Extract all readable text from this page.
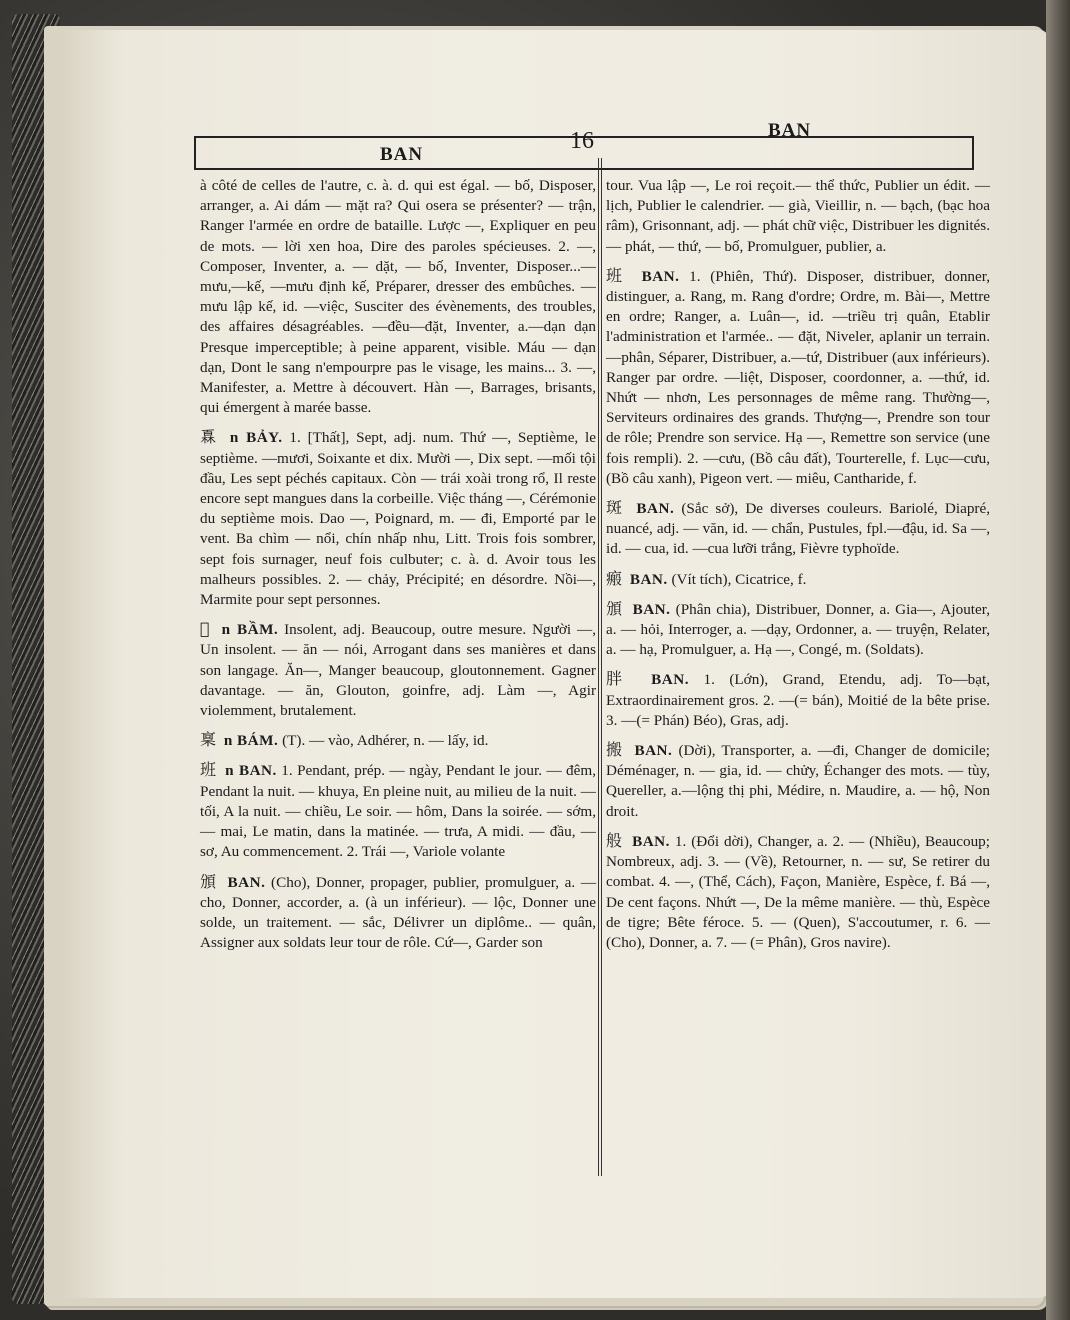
BAN
16	BAN

à côté de celles de l'autre, c. à. d. qui est égal. — bố, Disposer, arranger, a. Ai dám — mặt ra? Qui osera se présenter? — trận, Ranger l'armée en ordre de bataille. Lược —, Expliquer en peu de mots. — lời xen hoa, Dire des paroles spécieuses. 2. —, Composer, Inventer, a. — dặt, — bố, Inventer, Disposer...—mưu,—kế, —mưu định kế, Préparer, dresser des embûches. —mưu lập kế, id. —việc, Susciter des évènements, des troubles, des affaires désagréables. —đều—đặt, Inventer, a.—dạn dạn Presque imperceptible; à peine apparent, visible. Máu — dạn dạn, Dont le sang n'empourpre pas le visage, les mains... 3. —, Manifester, a. Mettre à découvert. Hàn —, Barrages, brisants, qui émergent à marée basse.

𤾓 n BẢY. 1. [Thất], Sept, adj. num. Thứ —, Septième, le septième. —mươi, Soixante et dix. Mười —, Dix sept. —mối tội đầu, Les sept péchés capitaux. Còn — trái xoài trong rổ, Il reste encore sept mangues dans la corbeille. Việc tháng —, Cérémonie du septième mois. Dao —, Poignard, m. — đi, Emporté par le vent. Ba chìm — nổi, chín nhấp nhu, Litt. Trois fois sombrer, sept fois surnager, neuf fois culbuter; c. à. d. Avoir tous les malheurs possibles. 2. — chảy, Précipité; en désordre. Nồi—, Marmite pour sept personnes.

𠴍 n BẦM. Insolent, adj. Beaucoup, outre mesure. Người —, Un insolent. — ăn — nói, Arrogant dans ses manières et dans son langage. Ăn—, Manger beaucoup, gloutonnement. Gagner davantage. — ăn, Glouton, goinfre, adj. Làm —, Agir violemment, brutalement.

稟 n BÁM. (T). — vào, Adhérer, n. — lấy, id.

班 n BAN. 1. Pendant, prép. — ngày, Pendant le jour. — đêm, Pendant la nuit. — khuya, En pleine nuit, au milieu de la nuit. — tối, A la nuit. — chiều, Le soir. — hôm, Dans la soirée. — sớm, — mai, Le matin, dans la matinée. — trưa, A midi. — đầu, — sơ, Au commencement. 2. Trái —, Variole volante

頒 BAN. (Cho), Donner, propager, publier, promulguer, a. — cho, Donner, accorder, a. (à un inférieur). — lộc, Donner une solde, un traitement. — sắc, Délivrer un diplôme.. — quân, Assigner aux soldats leur tour de rôle. Cứ—, Garder son

tour. Vua lập —, Le roi reçoit.— thể thức, Publier un édit. —lịch, Publier le calendrier. — già, Vieillir, n. — bạch, (bạc hoa râm), Grisonnant, adj. — phát chữ việc, Distribuer les dignités. — phát, — thứ, — bố, Promulguer, publier, a.

班 BAN. 1. (Phiên, Thứ). Disposer, distribuer, donner, distinguer, a. Rang, m. Rang d'ordre; Ordre, m. Bài—, Mettre en ordre; Ranger, a. Luân—, id. —triều trị quân, Etablir l'administration et l'armée.. — đặt, Niveler, aplanir un terrain. —phân, Séparer, Distribuer, a.—tứ, Distribuer (aux inférieurs). Ranger par ordre. —liệt, Disposer, coordonner, a. —thứ, id. Nhứt — nhơn, Les personnages de même rang. Thường—, Serviteurs ordinaires des grands. Thượng—, Prendre son tour de rôle; Prendre son service. Hạ —, Remettre son service (une fois rempli). 2. —cưu, (Bồ câu đất), Tourterelle, f. Lục—cưu, (Bồ câu xanh), Pigeon vert. — miêu, Cantharide, f.

斑 BAN. (Sắc sở), De diverses couleurs. Bariolé, Diapré, nuancé, adj. — văn, id. — chẩn, Pustules, fpl.—đậu, id. Sa —, id. — cua, id. —cua lưỡi trắng, Fièvre typhoïde.

瘢 BAN. (Vít tích), Cicatrice, f.

頒 BAN. (Phân chia), Distribuer, Donner, a. Gia—, Ajouter, a. — hỏi, Interroger, a. —dạy, Ordonner, a. — truyện, Relater, a. — hạ, Promulguer, a. Hạ —, Congé, m. (Soldats).

胖 BAN. 1. (Lớn), Grand, Etendu, adj. To—bạt, Extraordinairement gros. 2. —(= bán), Moitié de la bête prise. 3. —(= Phán) Béo), Gras, adj.

搬 BAN. (Dời), Transporter, a. —đi, Changer de domicile; Déménager, n. — gia, id. — chửy, Échanger des mots. — tùy, Quereller, a.—lộng thị phi, Médire, n. Maudire, a. — hộ, Non droit.

般 BAN. 1. (Đổi dời), Changer, a. 2. — (Nhiều), Beaucoup; Nombreux, adj. 3. — (Về), Retourner, n. — sư, Se retirer du combat. 4. —, (Thể, Cách), Façon, Manière, Espèce, f. Bá —, De cent façons. Nhứt —, De la même manière. — thù, Espèce de tigre; Bête féroce. 5. — (Quen), S'accoutumer, r. 6. — (Cho), Donner, a. 7. — (= Phân), Gros navire).
